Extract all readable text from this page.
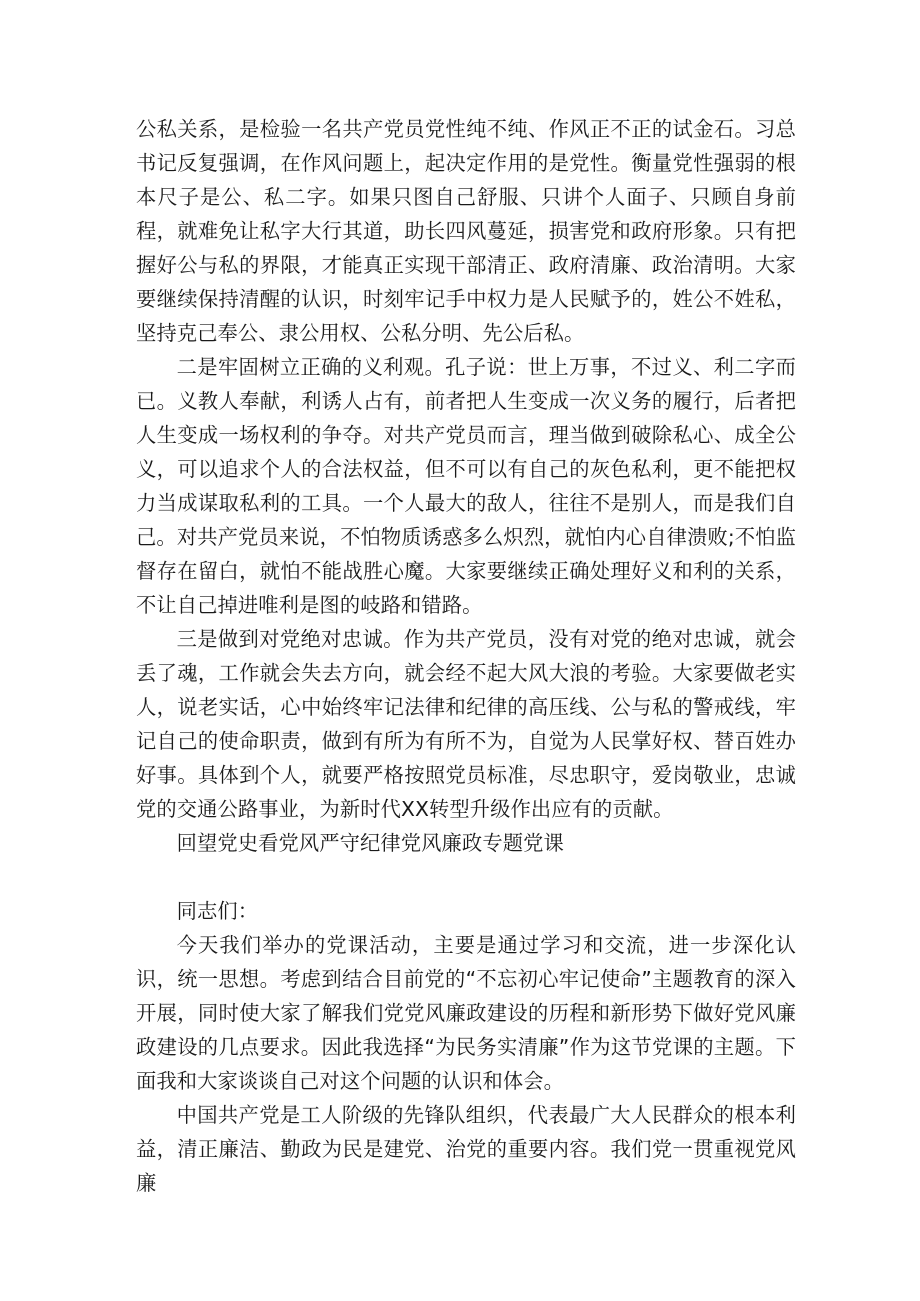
公私关系，是检验一名共产党员党性纯不纯、作风正不正的试金石。习总书记反复强调，在作风问题上，起决定作用的是党性。衡量党性强弱的根本尺子是公、私二字。如果只图自己舒服、只讲个人面子、只顾自身前程，就难免让私字大行其道，助长四风蔓延，损害党和政府形象。只有把握好公与私的界限，才能真正实现干部清正、政府清廉、政治清明。大家要继续保持清醒的认识，时刻牢记手中权力是人民赋予的，姓公不姓私，坚持克己奉公、隶公用权、公私分明、先公后私。

二是牢固树立正确的义利观。孔子说：世上万事，不过义、利二字而已。义教人奉献，利诱人占有，前者把人生变成一次义务的履行，后者把人生变成一场权利的争夺。对共产党员而言，理当做到破除私心、成全公义，可以追求个人的合法权益，但不可以有自己的灰色私利，更不能把权力当成谋取私利的工具。一个人最大的敌人，往往不是别人，而是我们自己。对共产党员来说，不怕物质诱惑多么炽烈，就怕内心自律溃败;不怕监督存在留白，就怕不能战胜心魔。大家要继续正确处理好义和利的关系，不让自己掉进唯利是图的岐路和错路。

三是做到对党绝对忠诚。作为共产党员，没有对党的绝对忠诚，就会丢了魂，工作就会失去方向，就会经不起大风大浪的考验。大家要做老实人，说老实话，心中始终牢记法律和纪律的高压线、公与私的警戒线，牢记自己的使命职责，做到有所为有所不为，自觉为人民掌好权、替百姓办好事。具体到个人，就要严格按照党员标准，尽忠职守，爱岗敬业，忠诚党的交通公路事业，为新时代XX转型升级作出应有的贡献。

回望党史看党风严守纪律党风廉政专题党课

同志们：

今天我们举办的党课活动，主要是通过学习和交流，进一步深化认识，统一思想。考虑到结合目前党的“不忘初心牢记使命”主题教育的深入开展，同时使大家了解我们党党风廉政建设的历程和新形势下做好党风廉政建设的几点要求。因此我选择“为民务实清廉”作为这节党课的主题。下面我和大家谈谈自己对这个问题的认识和体会。

中国共产党是工人阶级的先锋队组织，代表最广大人民群众的根本利益，清正廉洁、勤政为民是建党、治党的重要内容。我们党一贯重视党风廉
